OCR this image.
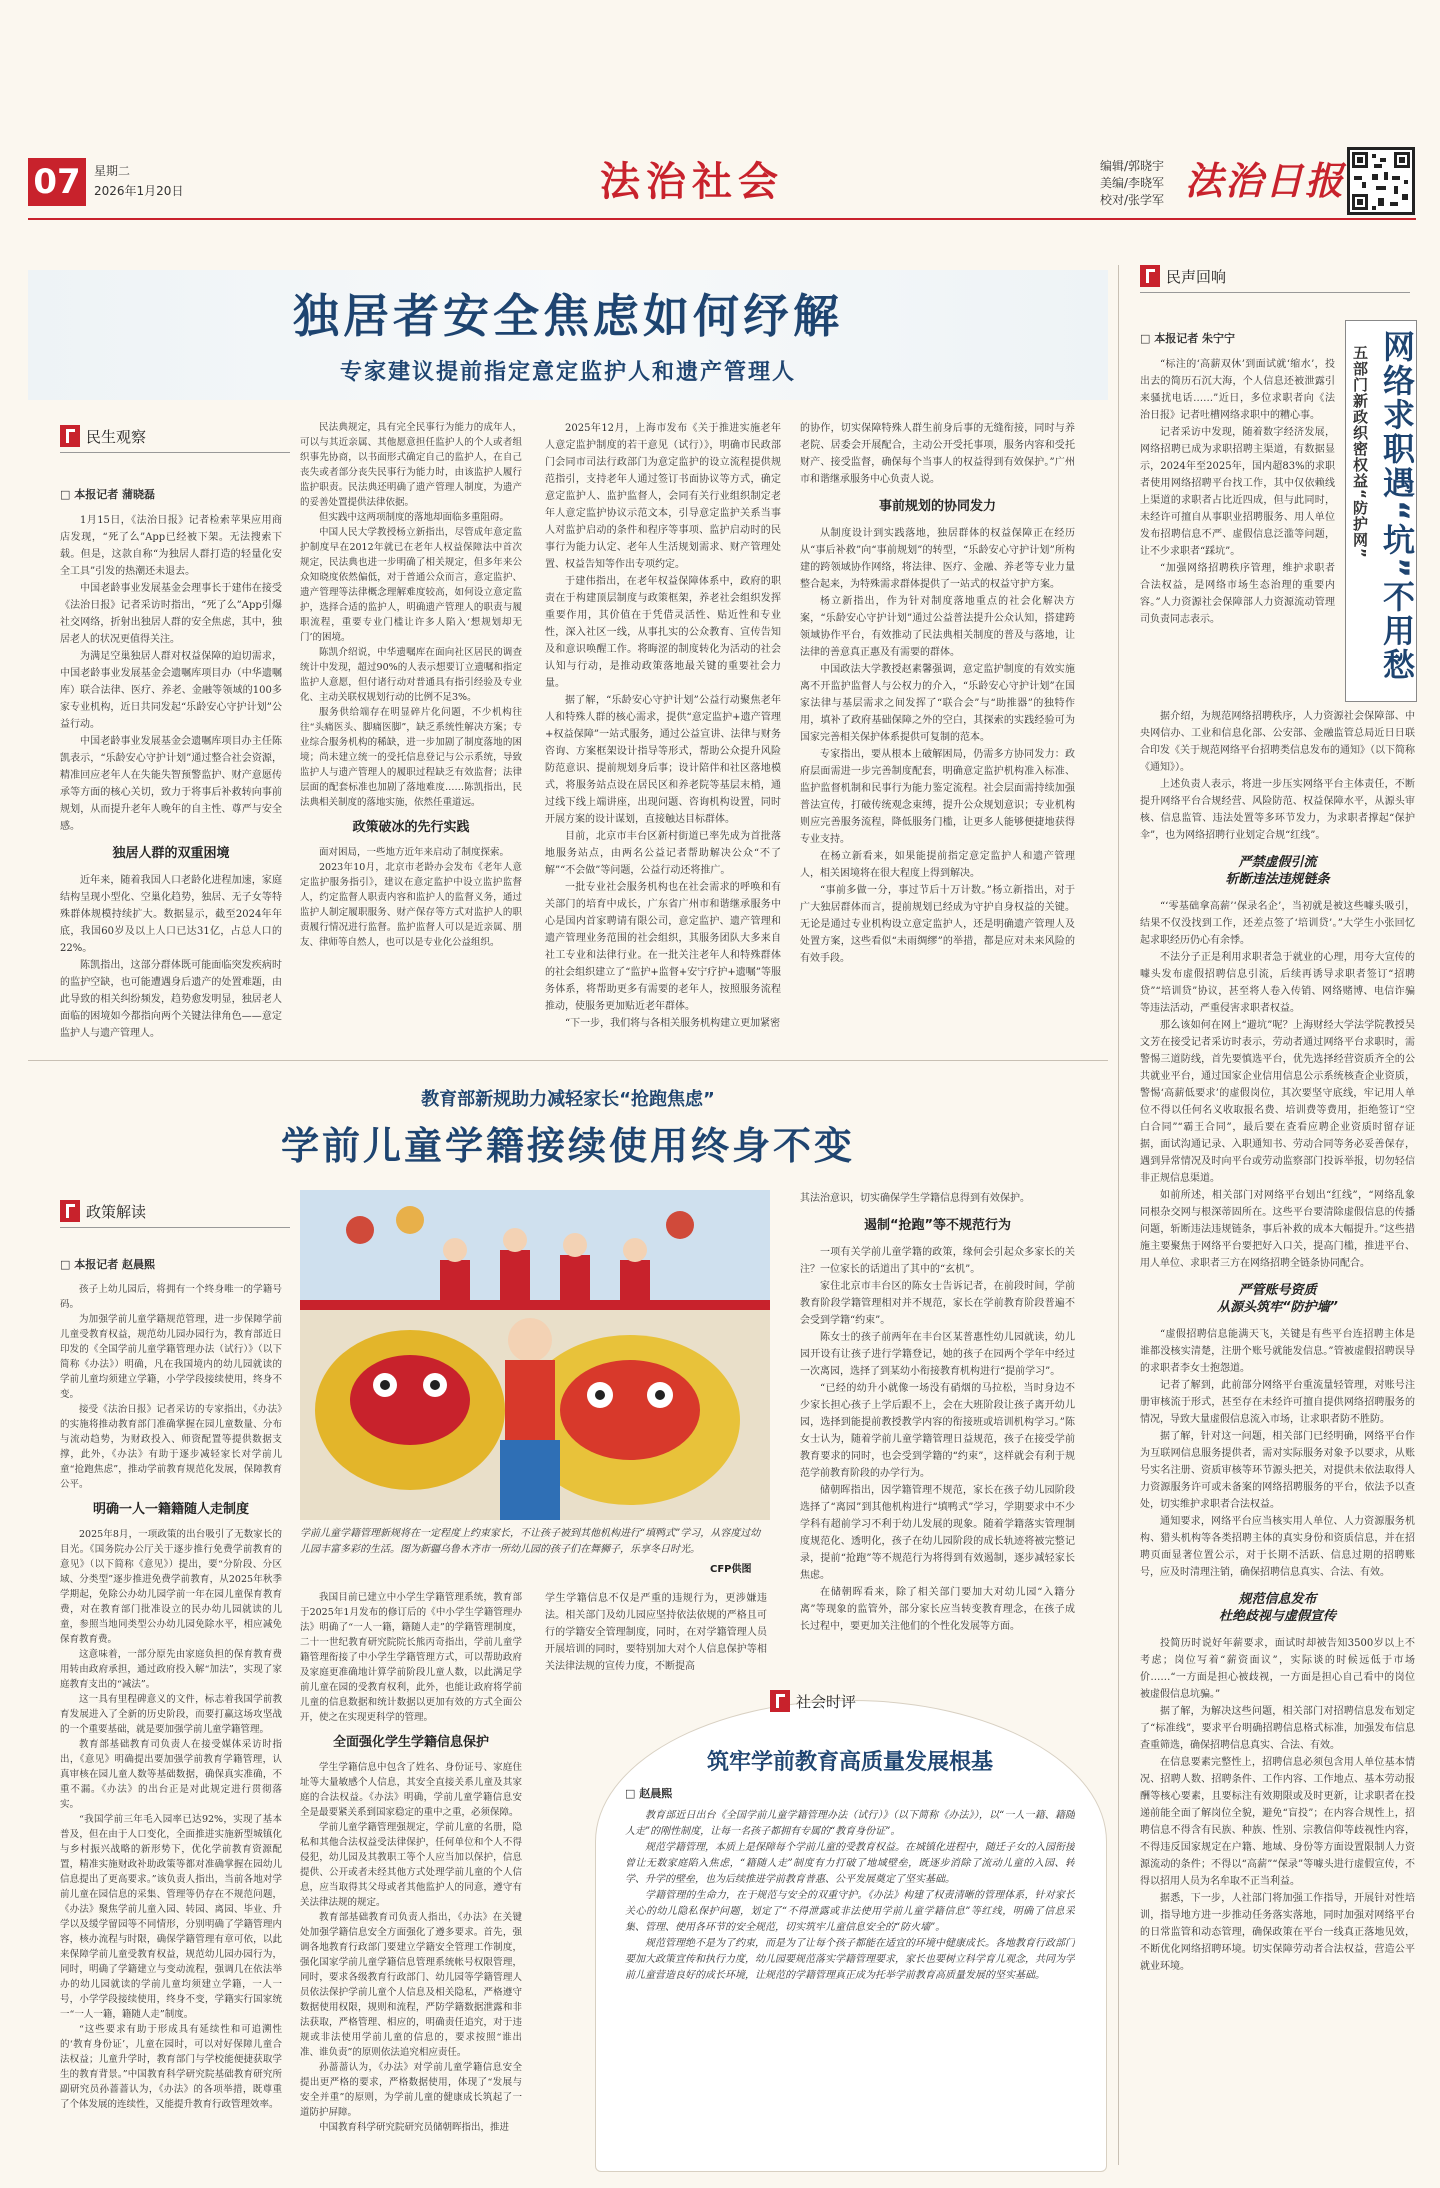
07	星期二
2026年1月20日	法治社会	编辑/郭晓宇
美编/李晓军
校对/张学军 法治日报
独居者安全焦虑如何纾解
专家建议提前指定意定监护人和遗产管理人
民生观察
□ 本报记者 蒲晓磊

1月15日，《法治日报》记者检索苹果应用商店发现，“死了么”App已经被下架。无法搜索下载。但是，这款自称“为独居人群打造的轻量化安全工具”引发的热潮还未退去。

中国老龄事业发展基金会理事长于建伟在接受《法治日报》记者采访时指出，“死了么”App引爆社交网络，折射出独居人群的安全焦虑，其中，独居老人的状况更值得关注。

为满足空巢独居人群对权益保障的迫切需求，中国老龄事业发展基金会遗嘱库项目办（中华遗嘱库）联合法律、医疗、养老、金融等领域的100多家专业机构，近日共同发起“乐龄安心守护计划”公益行动。

中国老龄事业发展基金会遗嘱库项目办主任陈凯表示，“乐龄安心守护计划”通过整合社会资源，精准回应老年人在失能失智预警监护、财产意愿传承等方面的核心关切，致力于将事后补救转向事前规划，从而提升老年人晚年的自主性、尊严与安全感。

独居人群的双重困境

近年来，随着我国人口老龄化进程加速，家庭结构呈现小型化、空巢化趋势，独居、无子女等特殊群体规模持续扩大。数据显示，截至2024年年底，我国60岁及以上人口已达31亿，占总人口的22%。

陈凯指出，这部分群体既可能面临突发疾病时的监护空缺，也可能遭遇身后遗产的处置难题，由此导致的相关纠纷频发，趋势愈发明显，独居老人面临的困境如今都指向两个关键法律角色——意定监护人与遗产管理人。

民法典规定，具有完全民事行为能力的成年人，可以与其近亲属、其他愿意担任监护人的个人或者组织事先协商，以书面形式确定自己的监护人，在自己丧失或者部分丧失民事行为能力时，由该监护人履行监护职责。民法典还明确了遗产管理人制度，为遗产的妥善处置提供法律依据。

但实践中这两项制度的落地却面临多重阻碍。

中国人民大学教授杨立新指出，尽管成年意定监护制度早在2012年就已在老年人权益保障法中首次规定，民法典也进一步明确了相关规定，但多年来公众知晓度依然偏低，对于普通公众而言，意定监护、遗产管理等法律概念理解难度较高，如何设立意定监护，选择合适的监护人，明确遗产管理人的职责与履职流程，重要专业门槛让许多人陷入‘想规划却无门’的困境。

陈凯介绍说，中华遗嘱库在面向社区居民的调查统计中发现，超过90%的人表示想要订立遗嘱和指定监护人意愿，但付诸行动对普通具有指引经验及专业化、主动关联权规划行动的比例不足3%。

服务供给端存在明显碎片化问题，不少机构往往“头痛医头、脚痛医脚”，缺乏系统性解决方案；专业综合服务机构的稀缺，进一步加剧了制度落地的困境；尚未建立统一的受托信息登记与公示系统，导致监护人与遗产管理人的履职过程缺乏有效监督；法律层面的配套标准也加剧了落地难度……陈凯指出，民法典相关制度的落地实施，依然任重道远。

政策破冰的先行实践

面对困局，一些地方近年来启动了制度探索。

2023年10月，北京市老龄办会发布《老年人意定监护服务指引》，建议在意定监护中设立监护监督人，约定监督人职责内容和监护人的监督义务，通过监护人制定履职服务、财产保存等方式对监护人的职责履行情况进行监督。监护监督人可以是近亲属、朋友、律师等自然人，也可以是专业化公益组织。

2025年12月，上海市发布《关于推进实施老年人意定监护制度的若干意见（试行）》，明确市民政部门会同市司法行政部门为意定监护的设立流程提供规范指引，支持老年人通过签订书面协议等方式，确定意定监护人、监护监督人，会同有关行业组织制定老年人意定监护协议示范文本，引导意定监护关系当事人对监护启动的条件和程序等事项、监护启动时的民事行为能力认定、老年人生活规划需求、财产管理处置、权益告知等作出专项约定。

于建伟指出，在老年权益保障体系中，政府的职责在于构建顶层制度与政策框架，养老社会组织发挥重要作用，其价值在于凭借灵活性、贴近性和专业性，深入社区一线，从事扎实的公众教育、宣传告知及和意识唤醒工作。将晦涩的制度转化为活动的社会认知与行动，是推动政策落地最关键的重要社会力量。

据了解，“乐龄安心守护计划”公益行动聚焦老年人和特殊人群的核心需求，提供“意定监护+遗产管理+权益保障”一站式服务，通过公益宣讲、法律与财务咨询、方案框架设计指导等形式，帮助公众提升风险防范意识、提前规划身后事；设计陪伴和社区落地模式，将服务站点设在居民区和养老院等基层末梢，通过线下线上端讲座，出现问题、咨询机构设置，同时开展方案的设计谋划，直接触达目标群体。

目前，北京市丰台区新村街道已率先成为首批落地服务站点，由两名公益记者帮助解决公众“不了解”“不会做”等问题，公益行动还将推广。

一批专业社会服务机构也在社会需求的呼唤和有关部门的培育中成长，广东省广州市和谐继承服务中心是国内首家聘请有限公司，意定监护、遗产管理和遗产管理业务范围的社会组织，其服务团队大多来自社工专业和法律行业。在一批关注老年人和特殊群体的社会组织建立了“监护+监督+安宁疗护+遗嘱”等服务体系，将帮助更多有需要的老年人，按照服务流程推动，使服务更加贴近老年群体。

“下一步，我们将与各相关服务机构建立更加紧密

的协作，切实保障特殊人群生前身后事的无缝衔接，同时与养老院、居委会开展配合，主动公开受托事项，服务内容和受托财产、接受监督，确保每个当事人的权益得到有效保护。”广州市和谐继承服务中心负责人说。

事前规划的协同发力

从制度设计到实践落地，独居群体的权益保障正在经历从“事后补救”向“事前规划”的转型，“乐龄安心守护计划”所构建的跨领域协作网络，将法律、医疗、金融、养老等专业力量整合起来，为特殊需求群体提供了一站式的权益守护方案。

杨立新指出，作为针对制度落地重点的社会化解决方案，“乐龄安心守护计划”通过公益普法提升公众认知，搭建跨领域协作平台，有效推动了民法典相关制度的普及与落地，让法律的善意真正惠及有需要的群体。

中国政法大学教授赵素馨强调，意定监护制度的有效实施离不开监护监督人与公权力的介入，“乐龄安心守护计划”在国家法律与基层需求之间发挥了“联合会”与“助推器”的独特作用，填补了政府基础保障之外的空白，其探索的实践经验可为国家完善相关保护体系提供可复制的范本。

专家指出，要从根本上破解困局，仍需多方协同发力：政府层面需进一步完善制度配套，明确意定监护机构准入标准、监护监督机制和民事行为能力鉴定流程。社会层面需持续加强普法宣传，打破传统观念束缚，提升公众规划意识；专业机构则应完善服务流程，降低服务门槛，让更多人能够便捷地获得专业支持。

在杨立新看来，如果能提前指定意定监护人和遗产管理人，相关困境将在很大程度上得到解决。

“事前多做一分，事过节后十万计数。”杨立新指出，对于广大独居群体而言，提前规划已经成为守护自身权益的关键。无论是通过专业机构设立意定监护人，还是明确遗产管理人及处置方案，这些看似“未雨绸缪”的举措，都是应对未来风险的有效手段。

教育部新规助力减轻家长“抢跑焦虑”
学前儿童学籍接续使用终身不变
政策解读
□ 本报记者 赵晨熙

孩子上幼儿园后，将拥有一个终身唯一的学籍号码。

为加强学前儿童学籍规范管理，进一步保障学前儿童受教育权益，规范幼儿园办园行为，教育部近日印发的《全国学前儿童学籍管理办法（试行）》（以下简称《办法》）明确，凡在我国境内的幼儿园就读的学前儿童均须建立学籍，小学学段接续使用，终身不变。

接受《法治日报》记者采访的专家指出，《办法》的实施将推动教育部门准确掌握在园儿童数量、分布与流动趋势，为财政投入、师资配置等提供数据支撑，此外，《办法》有助于逐步减轻家长对学前儿童“抢跑焦虑”，推动学前教育规范化发展，保障教育公平。

明确一人一籍籍随人走制度

2025年8月，一项政策的出台吸引了无数家长的目光。《国务院办公厅关于逐步推行免费学前教育的意见》（以下简称《意见》）提出，要“分阶段、分区域、分类型”逐步推进免费学前教育，从2025年秋季学期起，免除公办幼儿园学前一年在园儿童保育教育费，对在教育部门批准设立的民办幼儿园就读的儿童，参照当地同类型公办幼儿园免除水平，相应减免保育教育费。

这意味着，一部分原先由家庭负担的保育教育费用转由政府承担，通过政府投入解“加法”，实现了家庭教育支出的“减法”。

这一具有里程碑意义的文件，标志着我国学前教育发展进入了全新的历史阶段，而要打赢这场攻坚战的一个重要基础，就是要加强学前儿童学籍管理。

教育部基础教育司负责人在接受媒体采访时指出，《意见》明确提出要加强学前教育学籍管理，认真审核在园儿童人数等基础数据，确保真实准确，不重不漏。《办法》的出台正是对此规定进行贯彻落实。

“我国学前三年毛入园率已达92%，实现了基本普及，但在由于人口变化，全面推进实施新型城镇化与乡村振兴战略的新形势下，优化学前教育资源配置，精准实施财政补助政策等都对准确掌握在园幼儿信息提出了更高要求。”该负责人指出，当前各地对学前儿童在园信息的采集、管理等仍存在不规范问题，《办法》聚焦学前儿童入园、转园、离园、毕业、升学以及缓学留园等不同情形，分别明确了学籍管理内容，核办流程与时限，确保学籍管理有章可依，以此来保障学前儿童受教育权益，规范幼儿园办园行为，同时，明确了学籍建立与变动流程，强调几在依法举办的幼儿园就读的学前儿童均须建立学籍，一人一号，小学学段接续使用，终身不变，学籍实行国家统一“一人一籍，籍随人走”制度。

“这些要求有助于形成具有延续性和可追溯性的‘教育身份证’，儿童在园时，可以对好保障儿童合法权益；儿童升学时，教育部门与学校能便捷获取学生的教育背景。”中国教育科学研究院基础教育研究所副研究员孙蔷蔷认为，《办法》的各项举措，既尊重了个体发展的连续性，又能提升教育行政管理效率。

学前儿童学籍管理新规将在一定程度上约束家长，不让孩子被到其他机构进行“填鸭式”学习，从容度过幼儿园丰富多彩的生活。图为新疆乌鲁木齐市一所幼儿园的孩子们在舞狮子，乐享冬日时光。
CFP供图

我国目前已建立中小学生学籍管理系统，教育部于2025年1月发布的修订后的《中小学生学籍管理办法》明确了“一人一籍，籍随人走”的学籍管理制度，二十一世纪教育研究院院长熊丙奇指出，学前儿童学籍管理衔接了中小学生学籍管理方式，可以帮助政府及家庭更准确地计算学前阶段儿童人数，以此满足学前儿童在园的受教育权利，此外，也能让政府将学前儿童的信息数据和统计数据以更加有效的方式全面公开，使之在实现更科学的管理。

全面强化学生学籍信息保护

学生学籍信息中包含了姓名、身份证号、家庭住址等大量敏感个人信息，其安全直接关系儿童及其家庭的合法权益。《办法》明确，学前儿童学籍信息安全是最要紧关系到国家稳定的重中之重，必须保障。

学前儿童学籍管理强规定，学前儿童的名册，隐私和其他合法权益受法律保护，任何单位和个人不得侵犯，幼儿园及其教职工等个人应当加以保护，信息提供、公开或者未经其他方式处理学前儿童的个人信息，应当取得其父母或者其他监护人的同意，遵守有关法律法规的规定。

教育部基础教育司负责人指出，《办法》在关键处加强学籍信息安全方面强化了遵多要求。首先，强调各地教育行政部门要建立学籍安全管理工作制度，强化国家学前儿童学籍信息管理系统帐号权限管理，同时，要求各级教育行政部门、幼儿园等学籍管理人员依法保护学前儿童个人信息及相关隐私，严格遵守数据使用权限，规则和流程，严防学籍数据泄露和非法获取，严格管理、相应的，明确责任追究，对于违规或非法使用学前儿童的信息的，要求按照“谁出准、谁负责”的原则依法追究相应责任。

孙蔷蔷认为，《办法》对学前儿童学籍信息安全提出更严格的要求，严格数据使用，体现了“发展与安全并重”的原则，为学前儿童的健康成长筑起了一道防护屏障。

中国教育科学研究院研究员储朝晖指出，推进

学生学籍信息不仅是严重的违规行为，更涉嫌违法。相关部门及幼儿园应坚持依法依规的严格且可行的学籍安全管理制度，同时，在对学籍管理人员开展培训的同时，要特别加大对个人信息保护等相关法律法规的宣传力度，不断提高

其法治意识，切实确保学生学籍信息得到有效保护。

遏制“抢跑”等不规范行为

一项有关学前儿童学籍的政策，缘何会引起众多家长的关注？一位家长的话道出了其中的“玄机”。

家住北京市丰台区的陈女士告诉记者，在前段时间，学前教育阶段学籍管理相对并不规范，家长在学前教育阶段普遍不会受到学籍“约束”。

陈女士的孩子前两年在丰台区某普惠性幼儿园就读，幼儿园开设有让孩子进行学籍登记，她的孩子在园两个学年中经过一次离园，选择了到某幼小衔接教育机构进行“提前学习”。

“已经的幼升小就像一场没有硝烟的马拉松，当时身边不少家长担心孩子上学后跟不上，会在大班阶段让孩子离开幼儿园，选择到能提前教授教学内容的衔接班或培训机构学习。”陈女士认为，随着学前儿童学籍管理日益规范，孩子在接受学前教育要求的同时，也会受到学籍的“约束”，这样就会有利于规范学前教育阶段的办学行为。

储朝晖指出，因学籍管理不规范，家长在孩子幼儿园阶段选择了“离园”到其他机构进行“填鸭式”学习，学期要求中不少学科有超前学习不利于幼儿发展的现象。随着学籍落实管理制度规范化、透明化，孩子在幼儿园阶段的成长轨迹将被完整记录，提前“抢跑”等不规范行为将得到有效遏制，逐步减轻家长焦虑。

在储朝晖看来，除了相关部门要加大对幼儿园“入籍分离”等现象的监管外，部分家长应当转变教育理念，在孩子成长过程中，要更加关注他们的个性化发展等方面。

社会时评
筑牢学前教育高质量发展根基
□ 赵晨熙

教育部近日出台《全国学前儿童学籍管理办法（试行）》（以下简称《办法》），以“一人一籍、籍随人走”的刚性制度，让每一名孩子都拥有专属的“教育身份证”。

规范学籍管理，本质上是保障每个学前儿童的受教育权益。在城镇化进程中，随迁子女的入园衔接曾让无数家庭陷入焦虑，“籍随人走”制度有力打破了地域壁垒，既逐步消除了流动儿童的入园、转学、升学的壁垒，也为后续推进学前教育普惠、公平发展奠定了坚实基础。

学籍管理的生命力，在于规范与安全的双重守护。《办法》构建了权责清晰的管理体系，针对家长关心的幼儿隐私保护问题，划定了“不得泄露或非法使用学前儿童学籍信息”等红线，明确了信息采集、管理、使用各环节的安全规范，切实筑牢儿童信息安全的“防火墙”。

规范管理绝不是为了约束，而是为了让每个孩子都能在适宜的环境中健康成长。各地教育行政部门要加大政策宣传和执行力度，幼儿园要规范落实学籍管理要求，家长也要树立科学育儿观念，共同为学前儿童营造良好的成长环境，让规范的学籍管理真正成为托举学前教育高质量发展的坚实基础。

民声回响
□ 本报记者 朱宁宁	网络求职遇“坑”不用愁
五部门新政织密权益“防护网”

“标注的‘高薪双休’到面试就‘缩水’，投出去的简历石沉大海，个人信息还被泄露引来骚扰电话……”近日，多位求职者向《法治日报》记者吐槽网络求职中的糟心事。

记者采访中发现，随着数字经济发展，网络招聘已成为求职招聘主渠道，有数据显示，2024年至2025年，国内超83%的求职者使用网络招聘平台找工作，其中仅依赖线上渠道的求职者占比近四成，但与此同时，未经许可擅自从事职业招聘服务、用人单位发布招聘信息不严、虚假信息泛滥等问题，让不少求职者“踩坑”。

“加强网络招聘秩序管理，维护求职者合法权益，是网络市场生态治理的重要内容。”人力资源社会保障部人力资源流动管理司负责同志表示。

据介绍，为规范网络招聘秩序，人力资源社会保障部、中央网信办、工业和信息化部、公安部、金融监管总局近日日联合印发《关于规范网络平台招聘类信息发布的通知》（以下简称《通知》）。

上述负责人表示，将进一步压实网络平台主体责任，不断提升网络平台合规经营、风险防范、权益保障水平，从源头审核、信息监管、违法处置等多环节发力，为求职者撑起“保护伞”，也为网络招聘行业划定合规“红线”。

严禁虚假引流
斩断违法违规链条

“‘零基础拿高薪’‘保录名企’，当初就是被这些噱头吸引，结果不仅没找到工作，还差点签了‘培训贷’。”大学生小张回忆起求职经历仍心有余悸。

不法分子正是利用求职者急于就业的心理，用夸大宣传的噱头发布虚假招聘信息引流，后续再诱导求职者签订“招聘贷”“培训贷”协议，甚至将人卷入传销、网络赌博、电信诈骗等违法活动，严重侵害求职者权益。

那么该如何在网上“避坑”呢？上海财经大学法学院教授吴文芳在接受记者采访时表示，劳动者通过网络平台求职时，需警惕三道防线，首先要慎选平台，优先选择经营资质齐全的公共就业平台，通过国家企业信用信息公示系统核查企业资质，警惕‘高薪低要求’的虚假岗位，其次要坚守底线，牢记用人单位不得以任何名义收取报名费、培训费等费用，拒绝签订“空白合同”“霸王合同”，最后要在查看应聘企业资质时留存证据，面试沟通记录、入职通知书、劳动合同等务必妥善保存，遇到异常情况及时向平台或劳动监察部门投诉举报，切勿轻信非正规信息渠道。

如前所述，相关部门对网络平台划出“红线”，“网络乱象同根杂交网与根深蒂固所在。这些平台要清除虚假信息的传播问题，斩断违法违规链条，事后补救的成本大幅提升。”这些措施主要聚焦于网络平台要把好入口关，提高门槛，推进平台、用人单位、求职者三方在网络招聘全链条协同配合。

严管账号资质
从源头筑牢“防护墙”

“虚假招聘信息能满天飞，关键是有些平台连招聘主体是谁都没核实清楚，注册个账号就能发信息。”管被虚假招聘误导的求职者李女士抱怨道。

记者了解到，此前部分网络平台重流量轻管理，对账号注册审核流于形式，甚至存在未经许可擅自提供网络招聘服务的情况，导致大量虚假信息流入市场，让求职者防不胜防。

据了解，针对这一问题，相关部门已经明确，网络平台作为互联网信息服务提供者，需对实际服务对象予以要求，从账号实名注册、资质审核等环节源头把关，对提供未依法取得人力资源服务许可或未备案的网络招聘服务的平台，依法予以查处，切实维护求职者合法权益。

通知要求，网络平台应当核实用人单位、人力资源服务机构、猎头机构等各类招聘主体的真实身份和资质信息，并在招聘页面显著位置公示，对于长期不活跃、信息过期的招聘账号，应及时清理注销，确保招聘信息真实、合法、有效。

规范信息发布
杜绝歧视与虚假宣传

投简历时说好年薪要求，面试时却被告知3500岁以上不考虑；岗位写着“薪资面议”，实际谈的时候远低于市场价……“一方面是担心被歧视，一方面是担心自己看中的岗位被虚假信息坑骗。”

据了解，为解决这些问题，相关部门对招聘信息发布划定了“标准线”，要求平台明确招聘信息格式标准，加强发布信息查重筛选，确保招聘信息真实、合法、有效。

在信息要素完整性上，招聘信息必须包含用人单位基本情况、招聘人数、招聘条件、工作内容、工作地点、基本劳动报酬等核心要素，且要标注有效期限或及时更新，让求职者在投递前能全面了解岗位全貌，避免“盲投”；在内容合规性上，招聘信息不得含有民族、种族、性别、宗教信仰等歧视性内容，不得违反国家规定在户籍、地域、身份等方面设置限制人力资源流动的条件；不得以“高薪”“保录”等噱头进行虚假宣传，不得以招用人员为名牟取不正当利益。

据悉，下一步，人社部门将加强工作指导，开展针对性培训，指导地方进一步推动任务落实落地，同时加强对网络平台的日常监管和动态管理，确保政策在平台一线真正落地见效，不断优化网络招聘环境。切实保障劳动者合法权益，营造公平就业环境。
